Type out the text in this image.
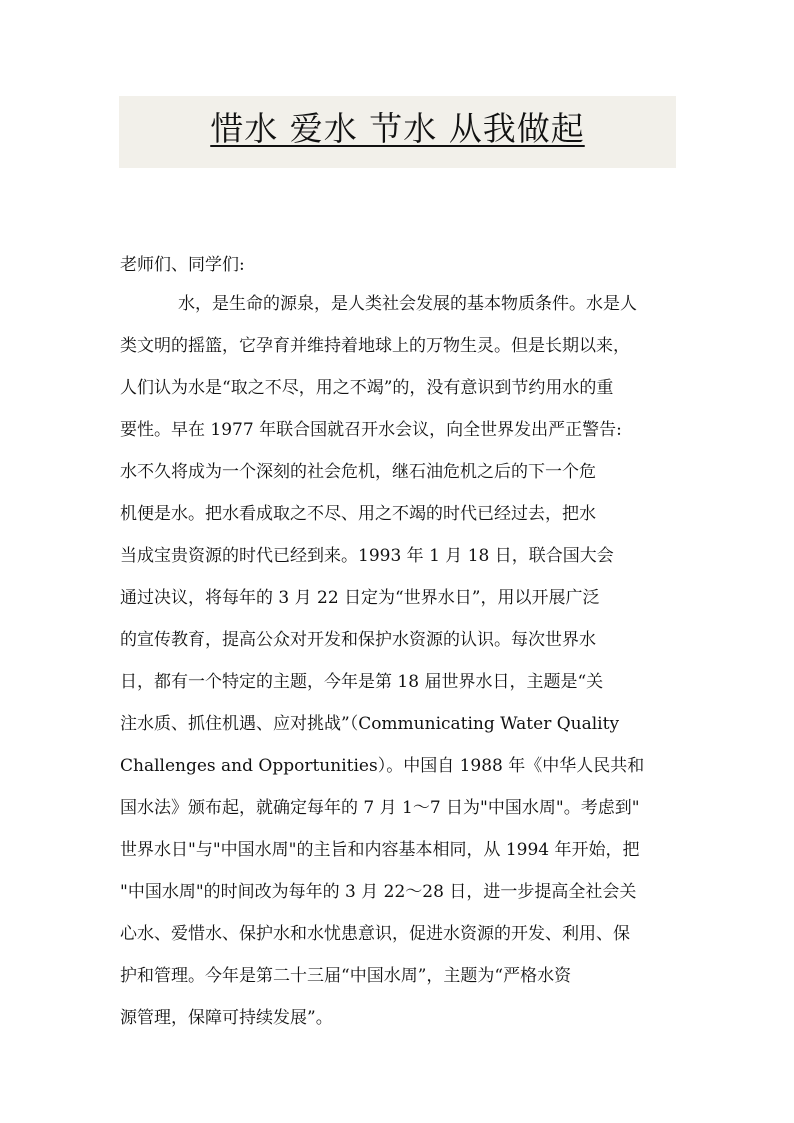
惜水 爱水 节水 从我做起
老师们、同学们:
水，是生命的源泉，是人类社会发展的基本物质条件。水是人
类文明的摇篮，它孕育并维持着地球上的万物生灵。但是长期以来，
人们认为水是“取之不尽，用之不竭”的，没有意识到节约用水的重
要性。早在 1977 年联合国就召开水会议，向全世界发出严正警告:
水不久将成为一个深刻的社会危机，继石油危机之后的下一个危
机便是水。把水看成取之不尽、用之不竭的时代已经过去，把水
当成宝贵资源的时代已经到来。1993 年 1 月 18 日，联合国大会
通过决议，将每年的 3 月 22 日定为“世界水日”，用以开展广泛
的宣传教育，提高公众对开发和保护水资源的认识。每次世界水
日，都有一个特定的主题，今年是第 18 届世界水日，主题是“关
注水质、抓住机遇、应对挑战”（Communicating Water Quality
Challenges and Opportunities）。中国自 1988 年《中华人民共和
国水法》颁布起，就确定每年的 7 月 1～7 日为"中国水周"。考虑到"
世界水日"与"中国水周"的主旨和内容基本相同，从 1994 年开始，把
"中国水周"的时间改为每年的 3 月 22～28 日，进一步提高全社会关
心水、爱惜水、保护水和水忧患意识，促进水资源的开发、利用、保
护和管理。今年是第二十三届“中国水周”，主题为“严格水资
源管理，保障可持续发展”。
